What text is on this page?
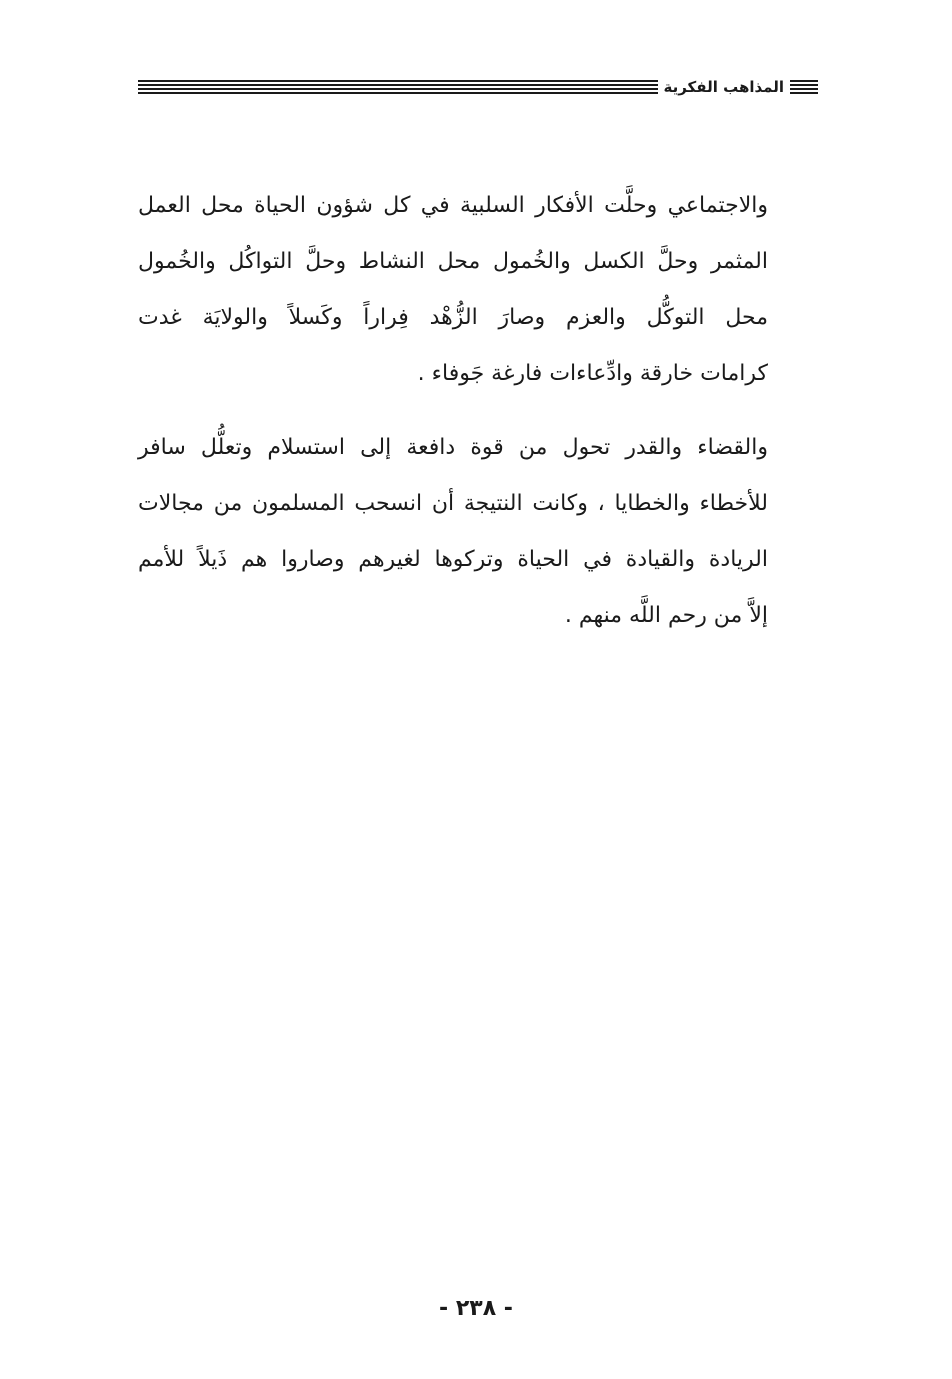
المذاهب الفكرية

والاجتماعي وحلَّت الأفكار السلبية في كل شؤون الحياة محل العمل
المثمر وحلَّ الكسل والخُمول محل النشاط وحلَّ التواكُل والخُمول
محل التوكُّل والعزم وصارَ الزُّهْد فِراراً وكَسلاً والولايَة غدت
كرامات خارقة وادِّعاءات فارغة جَوفاء .

والقضاء والقدر تحول من قوة دافعة إلى استسلام وتعلُّل سافر
للأخطاء والخطايا ، وكانت النتيجة أن انسحب المسلمون من مجالات
الريادة والقيادة في الحياة وتركوها لغيرهم وصاروا هم ذَيلاً للأمم
إلاَّ من رحم اللَّه منهم .

- ٢٣٨ -
